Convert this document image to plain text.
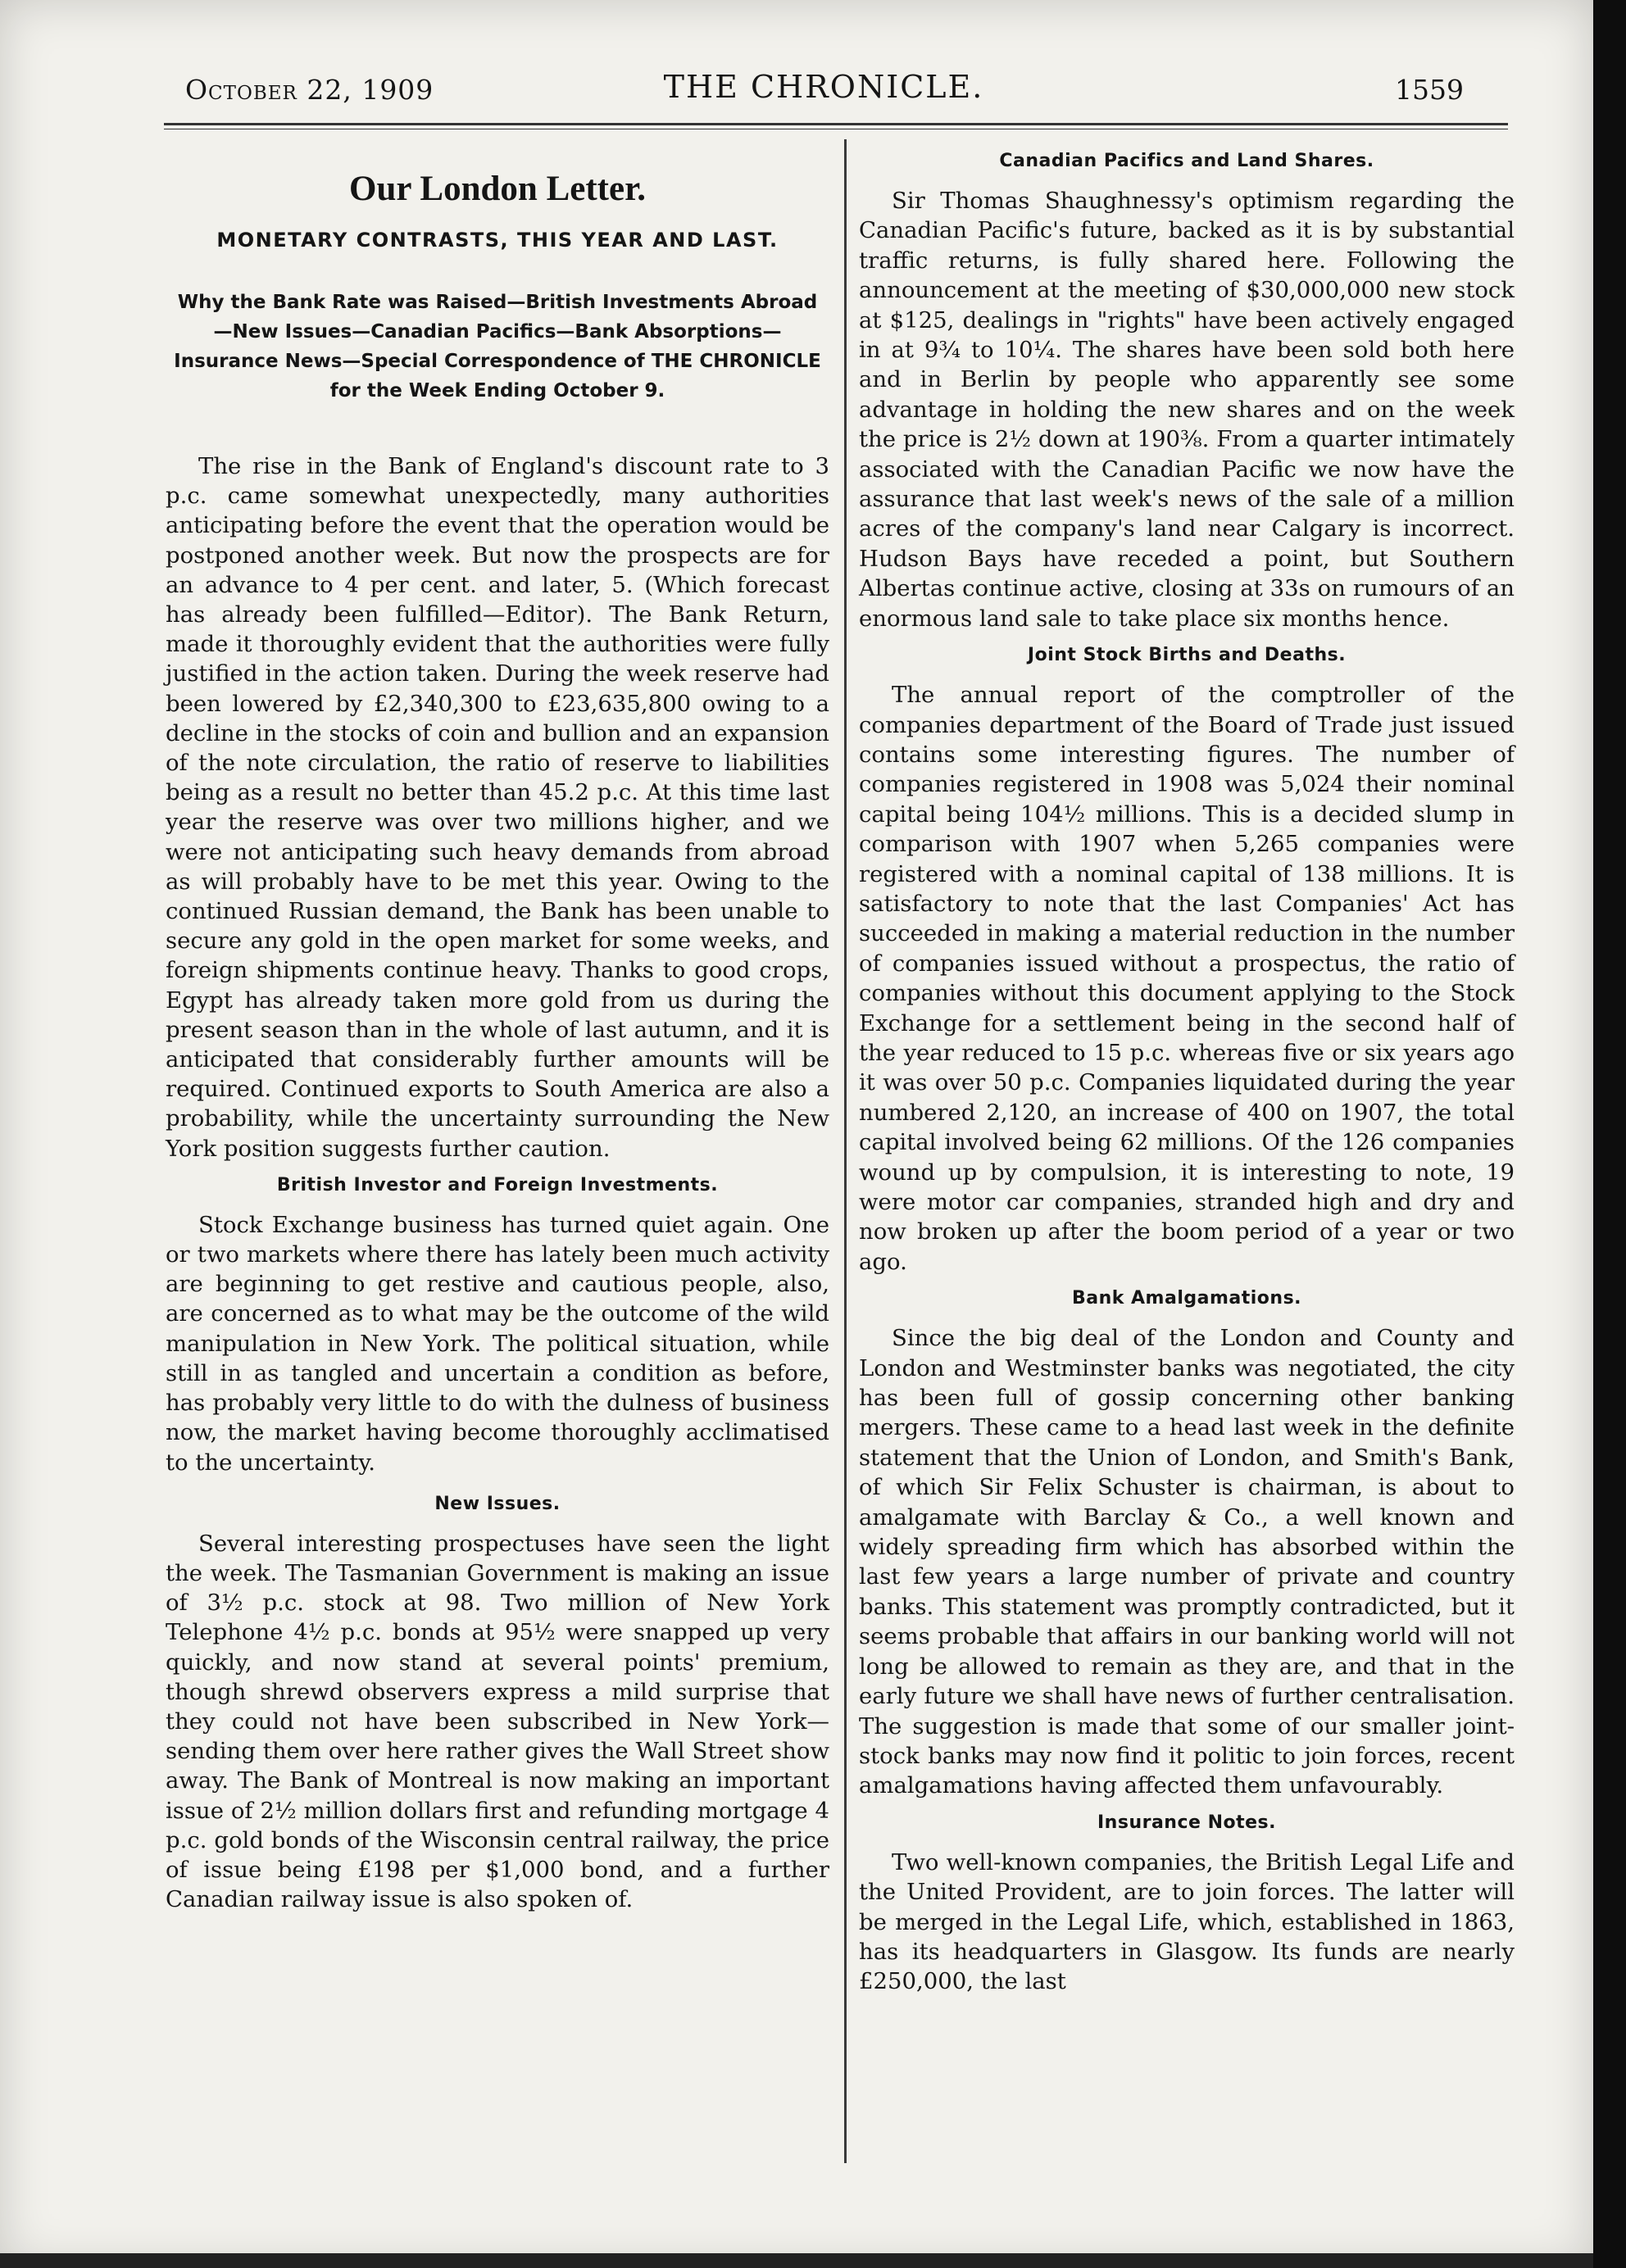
October 22, 1909	THE CHRONICLE.	1559
Our London Letter.
MONETARY CONTRASTS, THIS YEAR AND LAST.
Why the Bank Rate was Raised—British Investments Abroad—New Issues—Canadian Pacifics—Bank Absorptions—Insurance News—Special Correspondence of THE CHRONICLE for the Week Ending October 9.

The rise in the Bank of England's discount rate to 3 p.c. came somewhat unexpectedly, many authorities anticipating before the event that the operation would be postponed another week. But now the prospects are for an advance to 4 per cent. and later, 5. (Which forecast has already been fulfilled—Editor). The Bank Return, made it thoroughly evident that the authorities were fully justified in the action taken. During the week reserve had been lowered by £2,340,300 to £23,635,800 owing to a decline in the stocks of coin and bullion and an expansion of the note circulation, the ratio of reserve to liabilities being as a result no better than 45.2 p.c. At this time last year the reserve was over two millions higher, and we were not anticipating such heavy demands from abroad as will probably have to be met this year. Owing to the continued Russian demand, the Bank has been unable to secure any gold in the open market for some weeks, and foreign shipments continue heavy. Thanks to good crops, Egypt has already taken more gold from us during the present season than in the whole of last autumn, and it is anticipated that considerably further amounts will be required. Continued exports to South America are also a probability, while the uncertainty surrounding the New York position suggests further caution.

British Investor and Foreign Investments.

Stock Exchange business has turned quiet again. One or two markets where there has lately been much activity are beginning to get restive and cautious people, also, are concerned as to what may be the outcome of the wild manipulation in New York. The political situation, while still in as tangled and uncertain a condition as before, has probably very little to do with the dulness of business now, the market having become thoroughly acclimatised to the uncertainty.

New Issues.

Several interesting prospectuses have seen the light the week. The Tasmanian Government is making an issue of 3½ p.c. stock at 98. Two million of New York Telephone 4½ p.c. bonds at 95½ were snapped up very quickly, and now stand at several points' premium, though shrewd observers express a mild surprise that they could not have been subscribed in New York—sending them over here rather gives the Wall Street show away. The Bank of Montreal is now making an important issue of 2½ million dollars first and refunding mortgage 4 p.c. gold bonds of the Wisconsin central railway, the price of issue being £198 per $1,000 bond, and a further Canadian railway issue is also spoken of.

Canadian Pacifics and Land Shares.

Sir Thomas Shaughnessy's optimism regarding the Canadian Pacific's future, backed as it is by substantial traffic returns, is fully shared here. Following the announcement at the meeting of $30,000,000 new stock at $125, dealings in "rights" have been actively engaged in at 9¾ to 10¼. The shares have been sold both here and in Berlin by people who apparently see some advantage in holding the new shares and on the week the price is 2½ down at 190⅜. From a quarter intimately associated with the Canadian Pacific we now have the assurance that last week's news of the sale of a million acres of the company's land near Calgary is incorrect. Hudson Bays have receded a point, but Southern Albertas continue active, closing at 33s on rumours of an enormous land sale to take place six months hence.

Joint Stock Births and Deaths.

The annual report of the comptroller of the companies department of the Board of Trade just issued contains some interesting figures. The number of companies registered in 1908 was 5,024 their nominal capital being 104½ millions. This is a decided slump in comparison with 1907 when 5,265 companies were registered with a nominal capital of 138 millions. It is satisfactory to note that the last Companies' Act has succeeded in making a material reduction in the number of companies issued without a prospectus, the ratio of companies without this document applying to the Stock Exchange for a settlement being in the second half of the year reduced to 15 p.c. whereas five or six years ago it was over 50 p.c. Companies liquidated during the year numbered 2,120, an increase of 400 on 1907, the total capital involved being 62 millions. Of the 126 companies wound up by compulsion, it is interesting to note, 19 were motor car companies, stranded high and dry and now broken up after the boom period of a year or two ago.

Bank Amalgamations.

Since the big deal of the London and County and London and Westminster banks was negotiated, the city has been full of gossip concerning other banking mergers. These came to a head last week in the definite statement that the Union of London, and Smith's Bank, of which Sir Felix Schuster is chairman, is about to amalgamate with Barclay & Co., a well known and widely spreading firm which has absorbed within the last few years a large number of private and country banks. This statement was promptly contradicted, but it seems probable that affairs in our banking world will not long be allowed to remain as they are, and that in the early future we shall have news of further centralisation. The suggestion is made that some of our smaller joint-stock banks may now find it politic to join forces, recent amalgamations having affected them unfavourably.

Insurance Notes.

Two well-known companies, the British Legal Life and the United Provident, are to join forces. The latter will be merged in the Legal Life, which, established in 1863, has its headquarters in Glasgow. Its funds are nearly £250,000, the last
